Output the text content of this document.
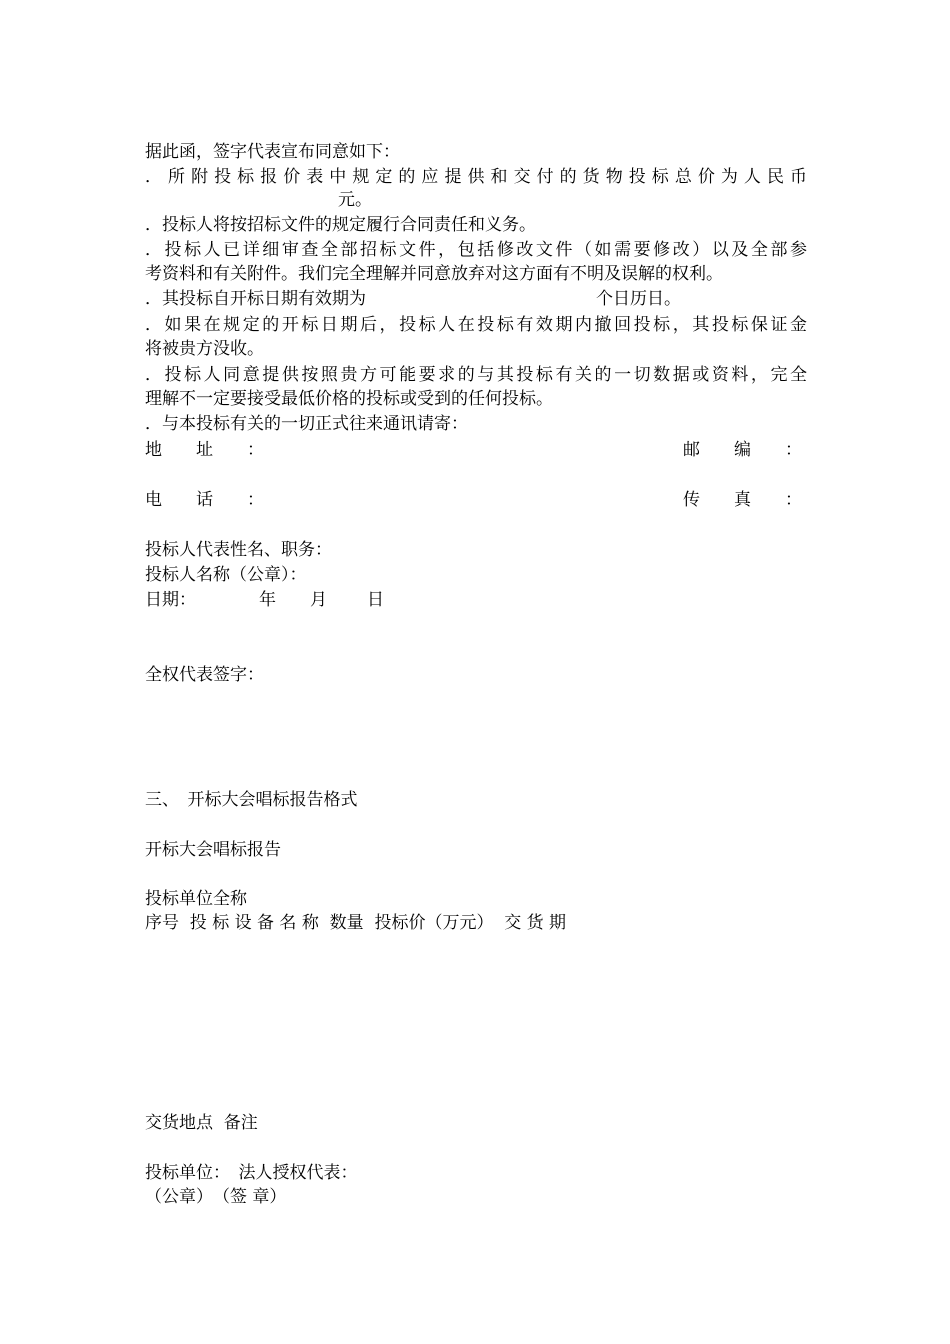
据此函，签字代表宣布同意如下：
．所附投标报价表中规定的应提供和交付的货物投标总价为人民币
元。
．投标人将按招标文件的规定履行合同责任和义务。
．投标人已详细审查全部招标文件，包括修改文件（如需要修改）以及全部参
考资料和有关附件。我们完全理解并同意放弃对这方面有不明及误解的权利。
．其投标自开标日期有效期为	个日历日。
．如果在规定的开标日期后，投标人在投标有效期内撤回投标，其投标保证金
将被贵方没收。
．投标人同意提供按照贵方可能要求的与其投标有关的一切数据或资料，完全
理解不一定要接受最低价格的投标或受到的任何投标。
．与本投标有关的一切正式往来通讯请寄：
地　　址　　：	邮　　编　　：
电　　话　　：	传　　真　　：
投标人代表性名、职务：
投标人名称（公章）：
日期：	年 月 日
全权代表签字：
三、　开标大会唱标报告格式
开标大会唱标报告
投标单位全称
序号  投 标 设 备 名 称  数量  投标价（万元）  交 货 期
交货地点  备注
投标单位：　法人授权代表：
（公章）　（签 章）
